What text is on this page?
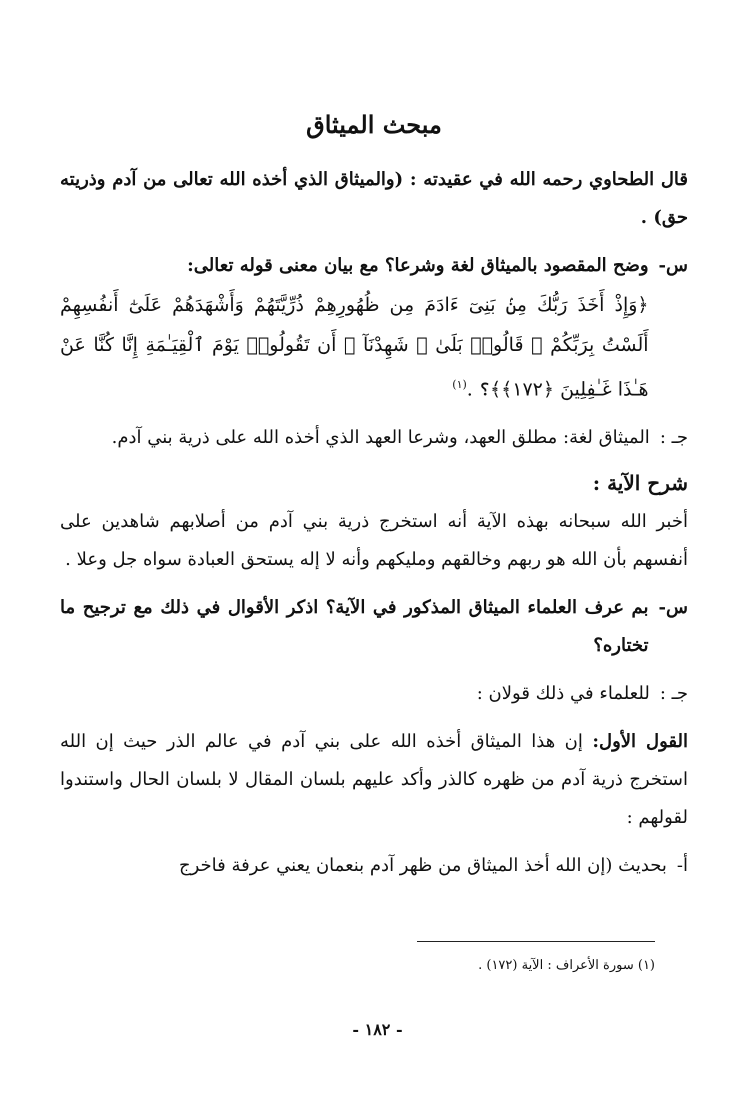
مبحث الميثاق

قال الطحاوي رحمه الله في عقيدته : (والميثاق الذي أخذه الله تعالى من آدم وذريته حق) .

س-
وضح المقصود بالميثاق لغة وشرعا؟ مع بيان معنى قوله تعالى:
﴿وَإِذْ أَخَذَ رَبُّكَ مِنۢ بَنِىٓ ءَادَمَ مِن ظُهُورِهِمْ ذُرِّيَّتَهُمْ وَأَشْهَدَهُمْ عَلَىٰٓ أَنفُسِهِمْ أَلَسْتُ بِرَبِّكُمْ ۖ قَالُوا۟ بَلَىٰ ۛ شَهِدْنَآ ۛ أَن تَقُولُوا۟ يَوْمَ ٱلْقِيَـٰمَةِ إِنَّا كُنَّا عَنْ هَـٰذَا غَـٰفِلِينَ ﴿١٧٢﴾﴾؟ .$^{(١)}$
جـ :
الميثاق لغة: مطلق العهد، وشرعا العهد الذي أخذه الله على ذرية بني آدم.
شرح الآية :

أخبر الله سبحانه بهذه الآية أنه استخرج ذرية بني آدم من أصلابهم شاهدين على أنفسهم بأن الله هو ربهم وخالقهم ومليكهم وأنه لا إله يستحق العبادة سواه جل وعلا .

س-
بم عرف العلماء الميثاق المذكور في الآية؟ اذكر الأقوال في ذلك مع ترجيح ما تختاره؟
جـ :
للعلماء في ذلك قولان :

القول الأول: إن هذا الميثاق أخذه الله على بني آدم في عالم الذر حيث إن الله استخرج ذرية آدم من ظهره كالذر وأكد عليهم بلسان المقال لا بلسان الحال واستندوا لقولهم :

أ-
بحديث (إن الله أخذ الميثاق من ظهر آدم بنعمان يعني عرفة فاخرج
(١) سورة الأعراف : الآية (١٧٢) .
- ١٨٢ -
